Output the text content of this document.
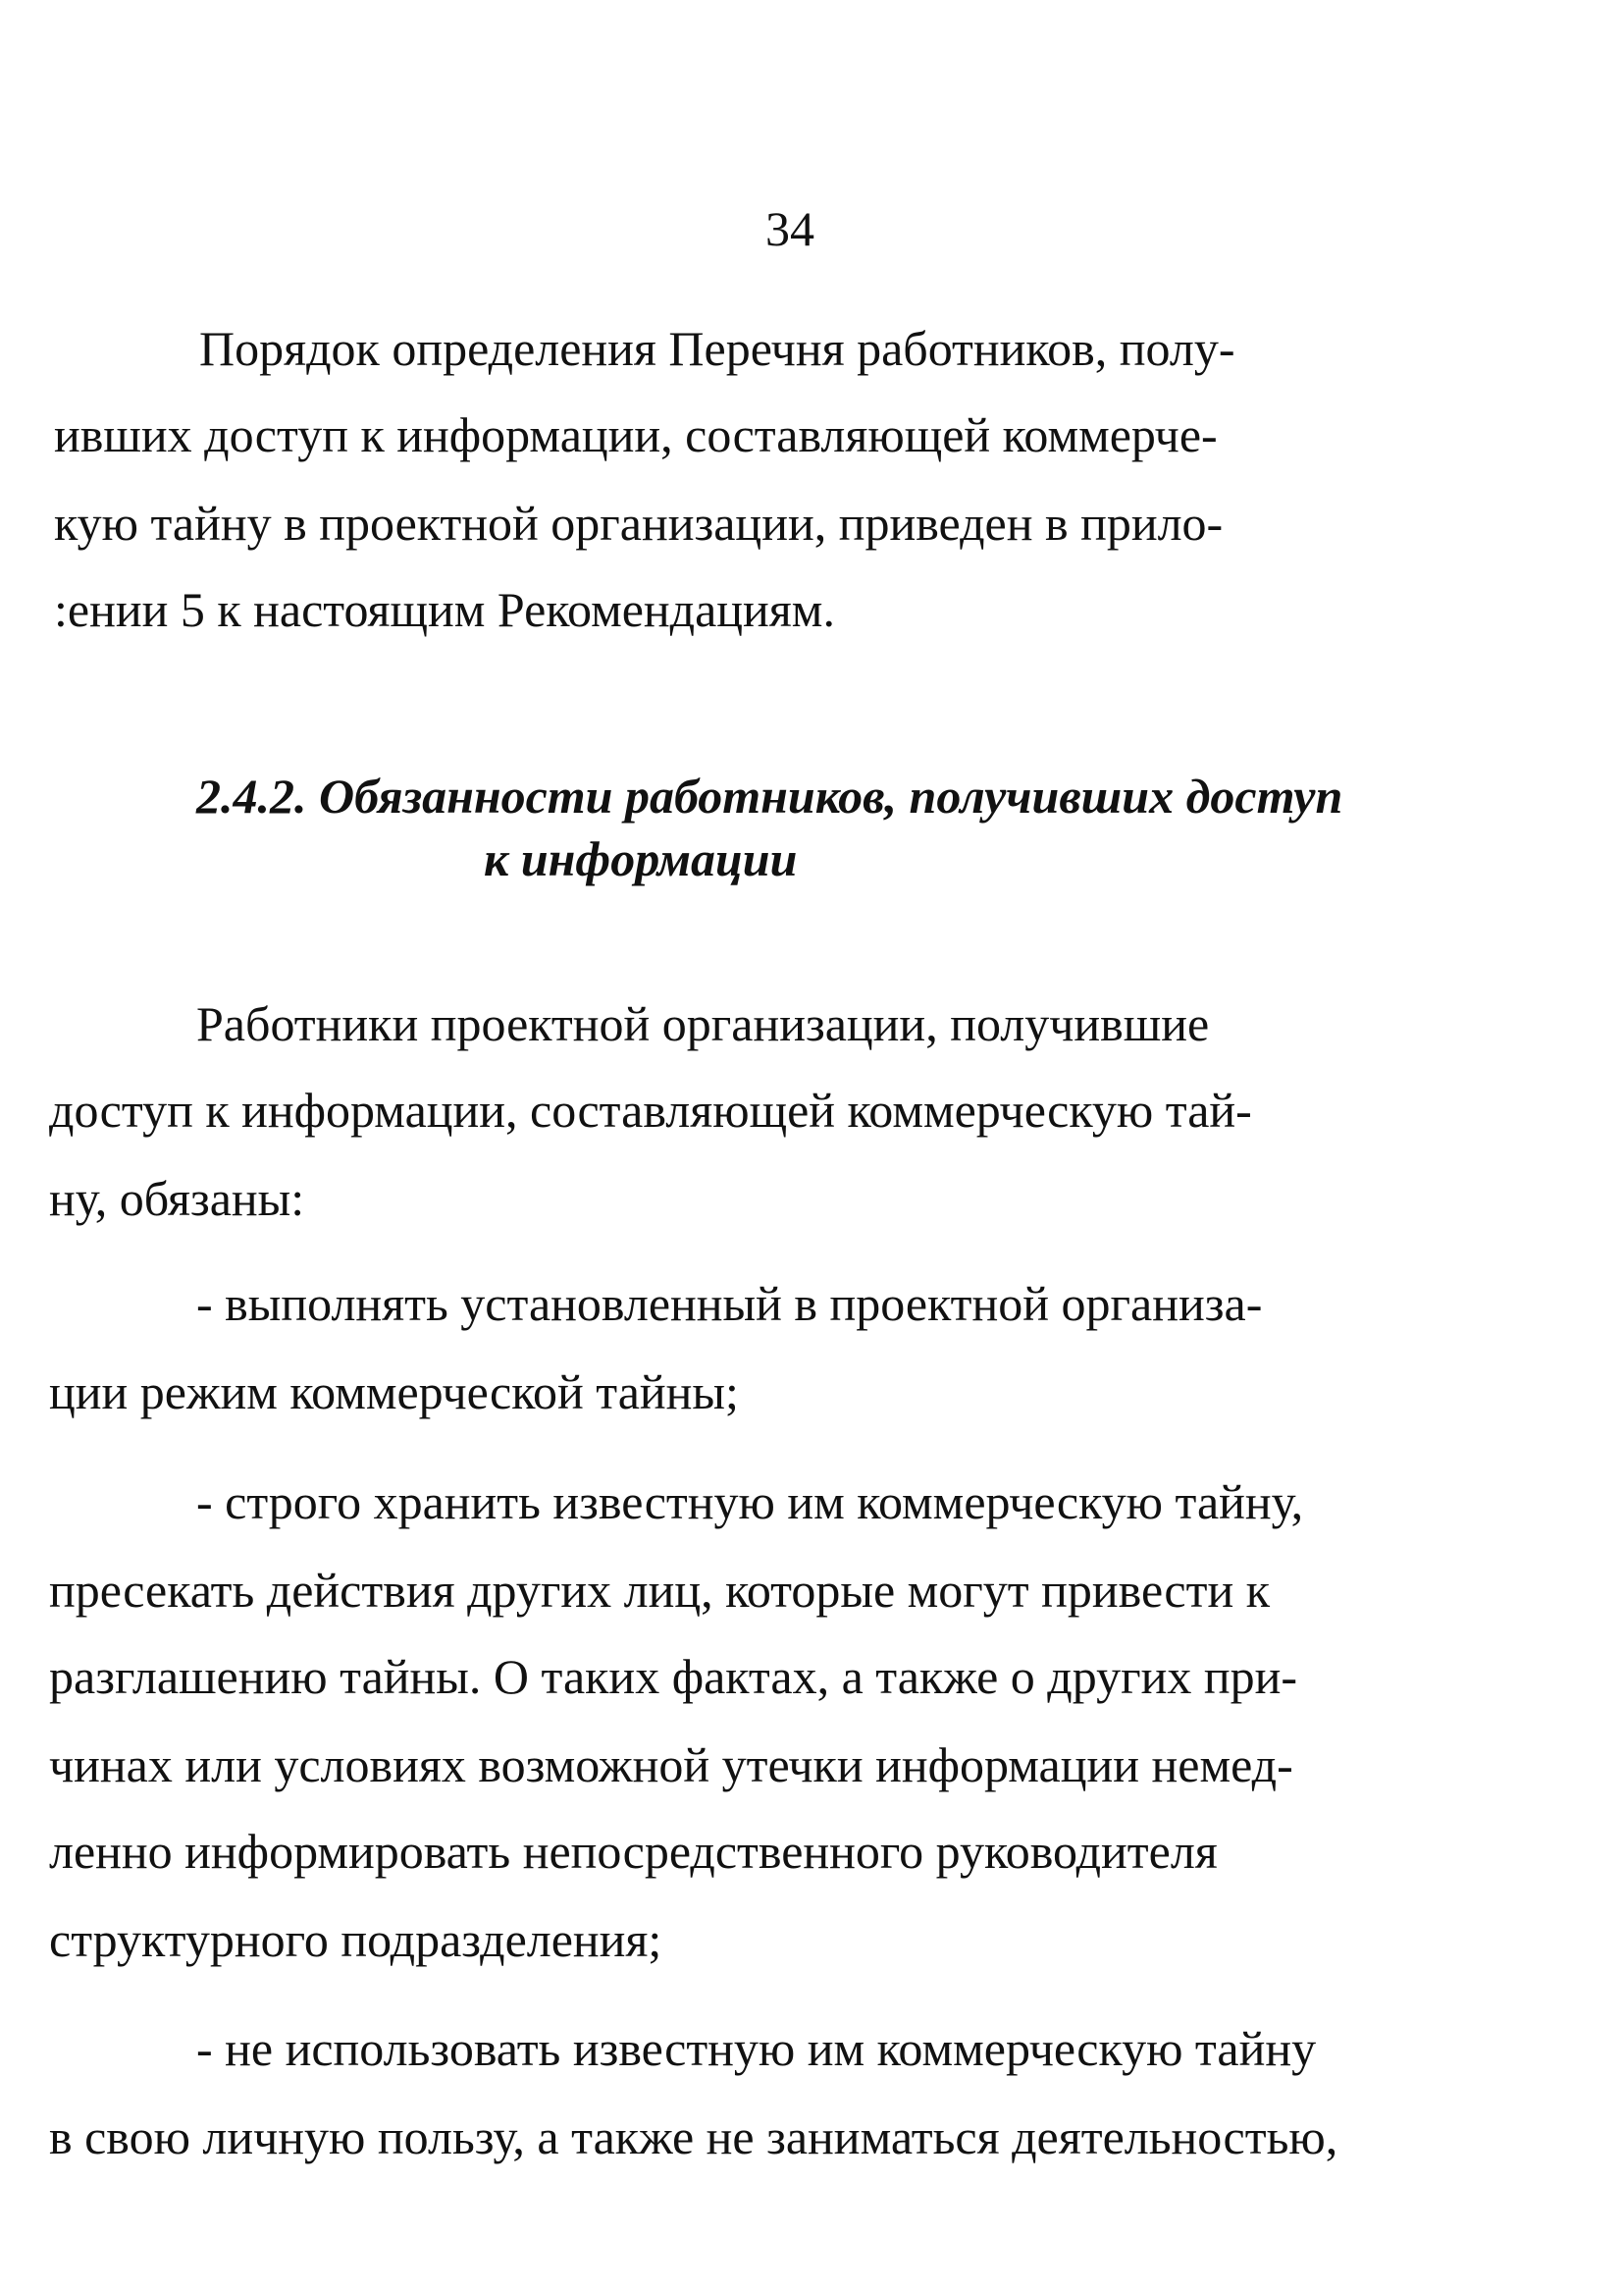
34
Порядок определения Перечня работников, полу-
ивших доступ к информации, составляющей коммерче-
кую тайну в проектной организации, приведен в прило-
:ении 5 к настоящим Рекомендациям.
2.4.2. Обязанности работников, получивших доступ
к информации
Работники проектной организации, получившие
доступ к информации, составляющей коммерческую тай-
ну, обязаны:
- выполнять установленный в проектной организа-
ции режим коммерческой тайны;
- строго хранить известную им коммерческую тайну,
пресекать действия других лиц, которые могут привести к
разглашению тайны. О таких фактах, а также о других при-
чинах или условиях возможной утечки информации немед-
ленно информировать непосредственного руководителя
структурного подразделения;
- не использовать известную им коммерческую тайну
в свою личную пользу, а также не заниматься деятельностью,
